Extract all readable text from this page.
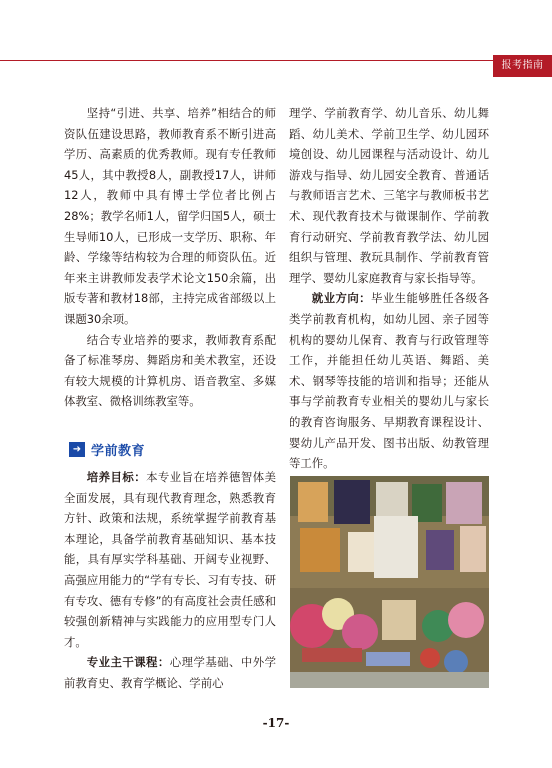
报考指南•••

坚持“引进、共享、培养”相结合的师资队伍建设思路，教师教育系不断引进高学历、高素质的优秀教师。现有专任教师45人，其中教授8人，副教授17人，讲师12人，教师中具有博士学位者比例占28%；教学名师1人，留学归国5人，硕士生导师10人，已形成一支学历、职称、年龄、学缘等结构较为合理的师资队伍。近年来主讲教师发表学术论文150余篇，出版专著和教材18部，主持完成省部级以上课题30余项。

结合专业培养的要求，教师教育系配备了标准琴房、舞蹈房和美术教室，还设有较大规模的计算机房、语音教室、多媒体教室、微格训练教室等。

➜ 学前教育

培养目标：本专业旨在培养德智体美全面发展，具有现代教育理念，熟悉教育方针、政策和法规，系统掌握学前教育基本理论，具备学前教育基础知识、基本技能，具有厚实学科基础、开阔专业视野、高强应用能力的“学有专长、习有专技、研有专攻、德有专修”的有高度社会责任感和较强创新精神与实践能力的应用型专门人才。

专业主干课程：心理学基础、中外学前教育史、教育学概论、学前心

理学、学前教育学、幼儿音乐、幼儿舞蹈、幼儿美术、学前卫生学、幼儿园环境创设、幼儿园课程与活动设计、幼儿游戏与指导、幼儿园安全教育、普通话与教师语言艺术、三笔字与教师板书艺术、现代教育技术与微课制作、学前教育行动研究、学前教育教学法、幼儿园组织与管理、教玩具制作、学前教育管理学、婴幼儿家庭教育与家长指导等。

就业方向：毕业生能够胜任各级各类学前教育机构，如幼儿园、亲子园等机构的婴幼儿保育、教育与行政管理等工作，并能担任幼儿英语、舞蹈、美术、钢琴等技能的培训和指导；还能从事与学前教育专业相关的婴幼儿与家长的教育咨询服务、早期教育课程设计、婴幼儿产品开发、图书出版、幼教管理等工作。

-17-
